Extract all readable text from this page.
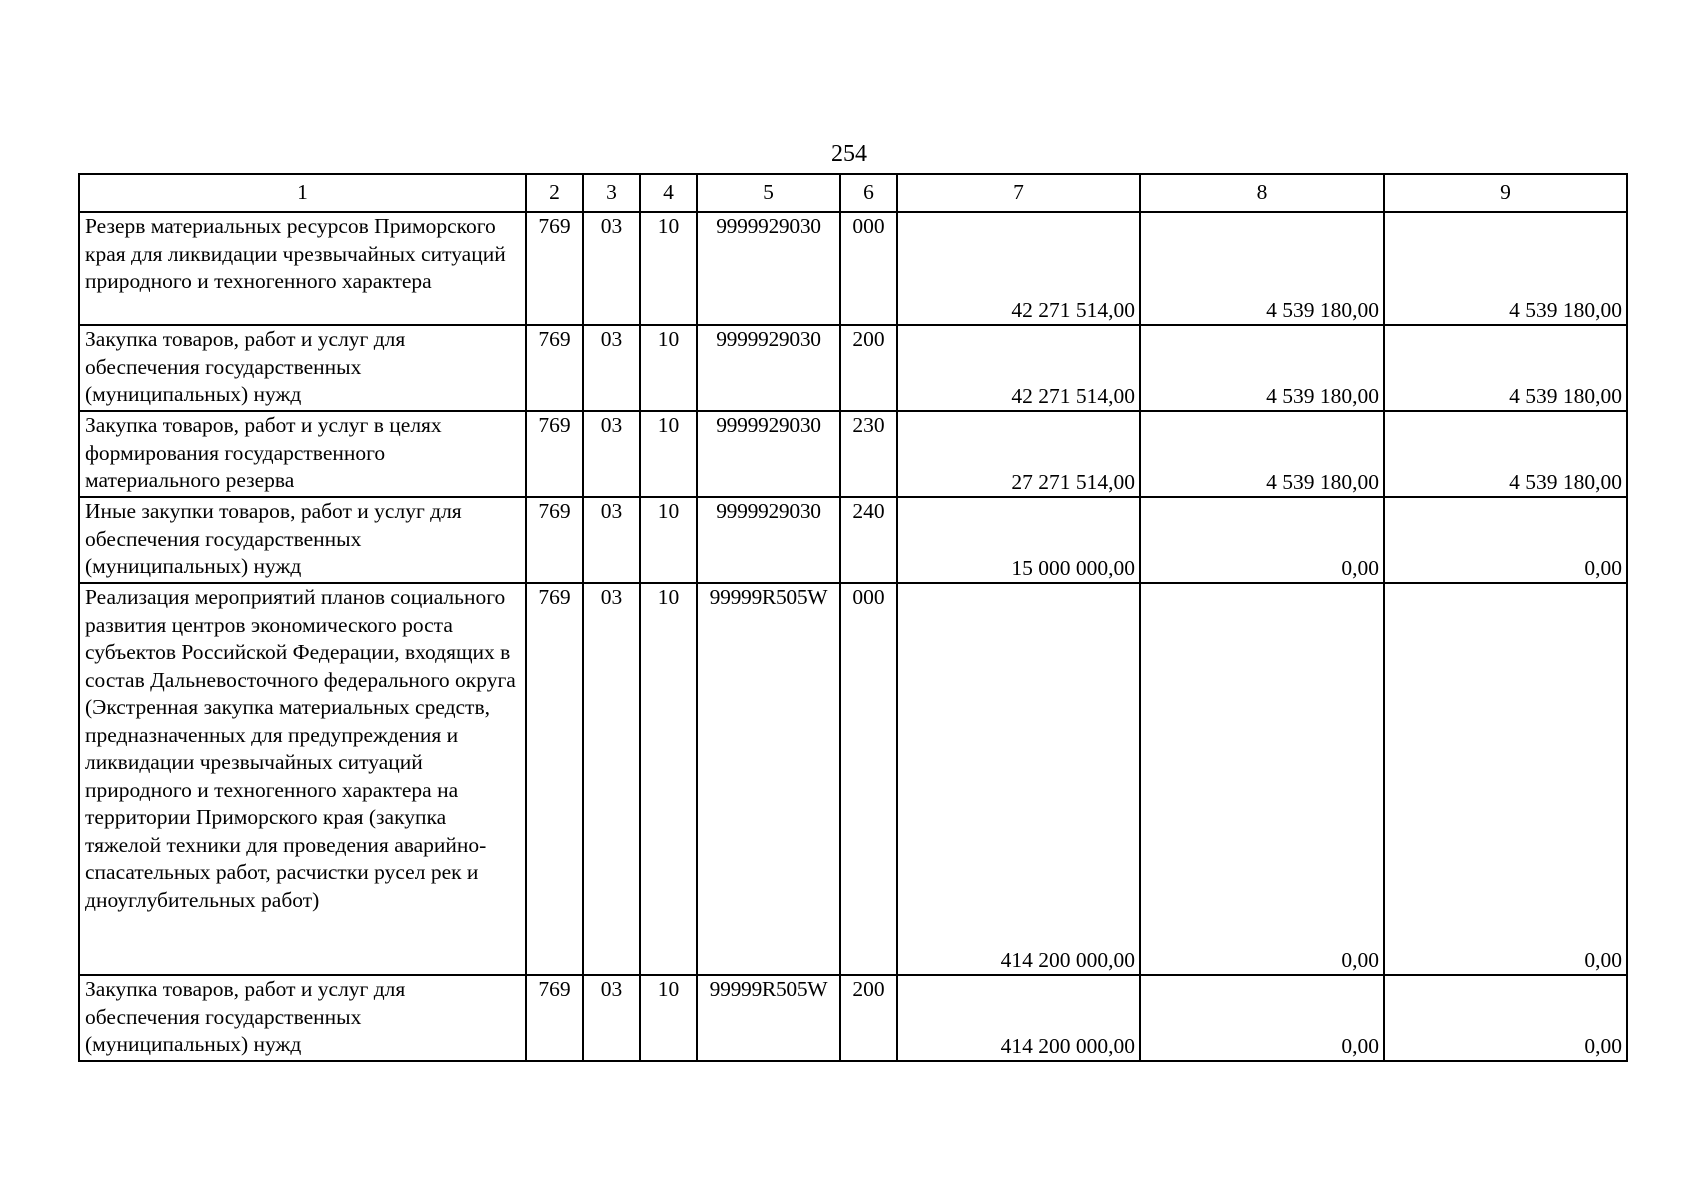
254
1	2	3	4	5	6	7	8	9
Резерв материальных ресурсов Приморского края для ликвидации чрезвычайных ситуаций природного и техногенного характера	769	03	10	9999929030	000	42 271 514,00	4 539 180,00	4 539 180,00
Закупка товаров, работ и услуг для обеспечения государственных (муниципальных) нужд	769	03	10	9999929030	200	42 271 514,00	4 539 180,00	4 539 180,00
Закупка товаров, работ и услуг в целях формирования государственного материального резерва	769	03	10	9999929030	230	27 271 514,00	4 539 180,00	4 539 180,00
Иные закупки товаров, работ и услуг для обеспечения государственных (муниципальных) нужд	769	03	10	9999929030	240	15 000 000,00	0,00	0,00
Реализация мероприятий планов социального развития центров экономического роста субъектов Российской Федерации, входящих в состав Дальневосточного федерального округа (Экстренная закупка материальных средств, предназначенных для предупреждения и ликвидации чрезвычайных ситуаций природного и техногенного характера на территории Приморского края (закупка тяжелой техники для проведения аварийно-спасательных работ, расчистки русел рек и дноуглубительных работ)	769	03	10	99999R505W	000	414 200 000,00	0,00	0,00
Закупка товаров, работ и услуг для обеспечения государственных (муниципальных) нужд	769	03	10	99999R505W	200	414 200 000,00	0,00	0,00
